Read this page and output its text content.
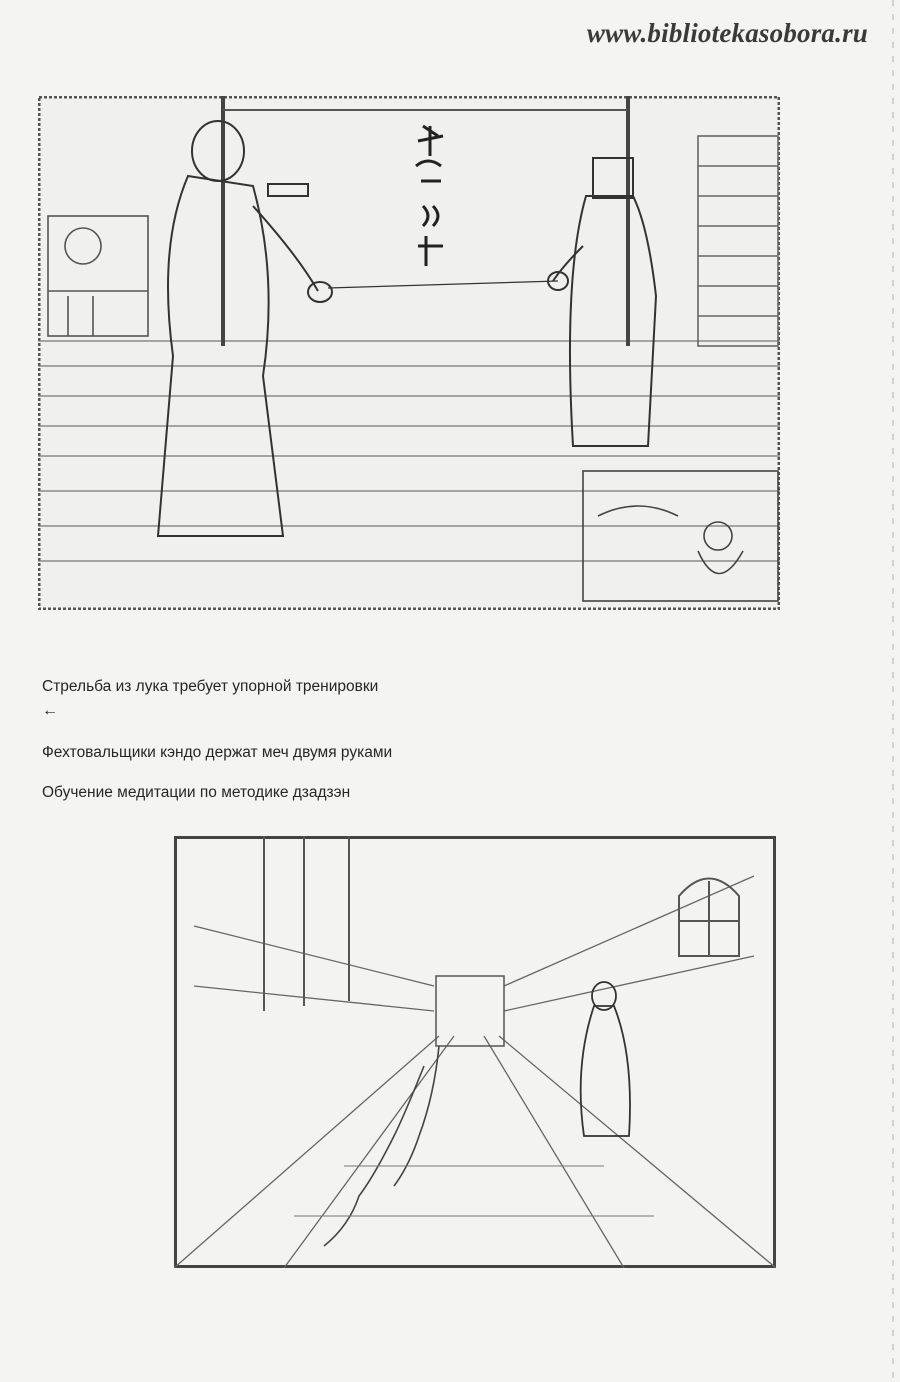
www.bibliotekasobora.ru

Стрельба из лука требует упорной тренировки

←

Фехтовальщики кэндо держат меч двумя руками

Обучение медитации по методике дзадзэн
